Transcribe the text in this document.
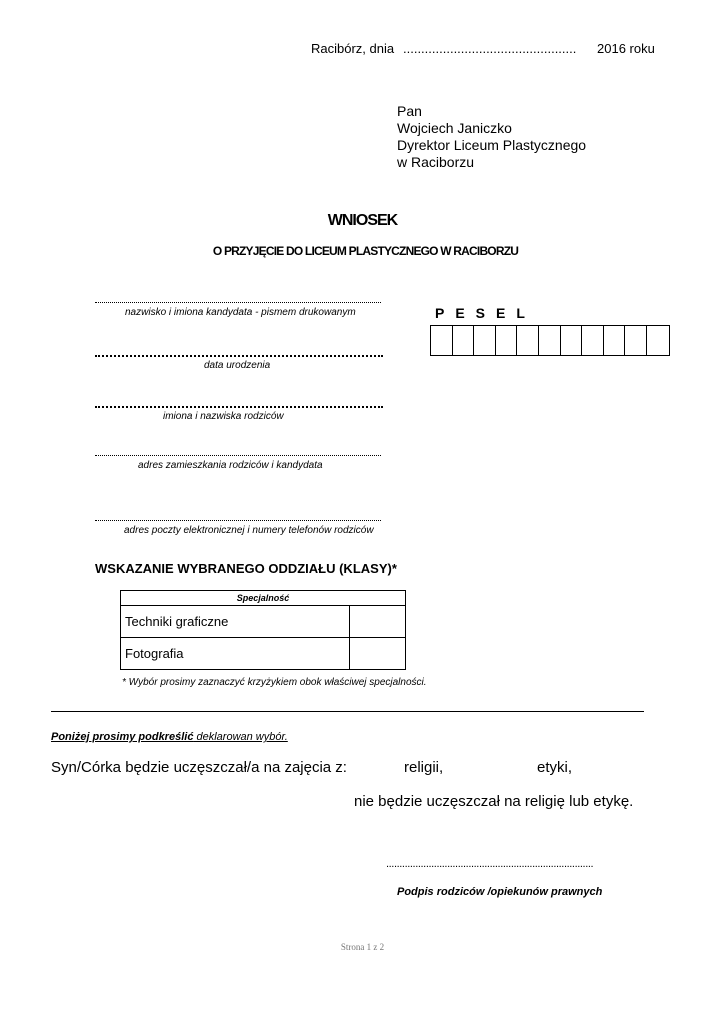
Racibórz, dnia ................................................ 2016 roku
Pan
Wojciech Janiczko
Dyrektor Liceum Plastycznego
w Raciborzu
WNIOSEK
O PRZYJĘCIE DO LICEUM PLASTYCZNEGO W RACIBORZU
nazwisko i imiona kandydata - pismem drukowanym
data urodzenia
imiona i nazwiska rodziców
adres zamieszkania rodziców i kandydata
adres poczty elektronicznej i numery telefonów rodziców
PESEL
WSKAZANIE WYBRANEGO ODDZIAŁU (KLASY)*
Specjalność	
Techniki graficzne	
Fotografia	
* Wybór prosimy zaznaczyć krzyżykiem obok właściwej specjalności.
Poniżej prosimy podkreślić deklarowan wybór.
Syn/Córka będzie uczęszczał/a na zajęcia z:	religii,	etyki,
nie będzie uczęszczał na religię lub etykę.
..............................................................................
Podpis rodziców /opiekunów prawnych
Strona 1 z 2
